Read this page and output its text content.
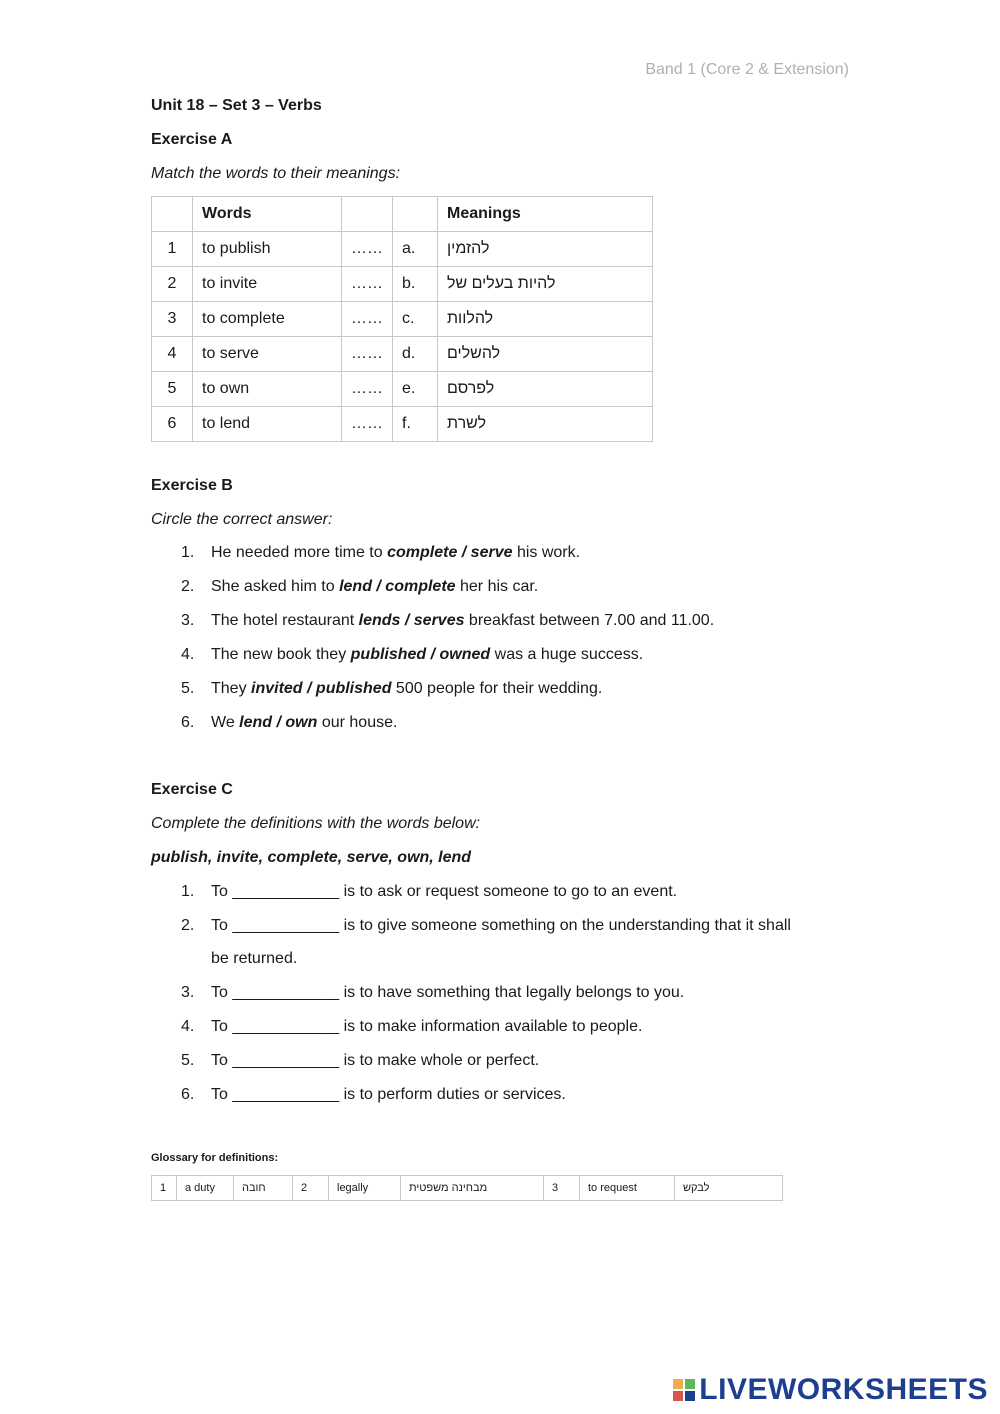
Band 1 (Core 2 & Extension)
Unit 18 – Set 3 – Verbs
Exercise A
Match the words to their meanings:
	Words			Meanings
1	to publish	……	a.	להזמין
2	to invite	……	b.	להיות בעלים של
3	to complete	……	c.	להלוות
4	to serve	……	d.	להשלים
5	to own	……	e.	לפרסם
6	to lend	……	f.	לשרת
Exercise B
Circle the correct answer:
1. He needed more time to complete / serve his work.
2. She asked him to lend / complete her his car.
3. The hotel restaurant lends / serves breakfast between 7.00 and 11.00.
4. The new book they published / owned was a huge success.
5. They invited / published 500 people for their wedding.
6. We lend / own our house.
Exercise C
Complete the definitions with the words below:
publish, invite, complete, serve, own, lend
1. To ____________ is to ask or request someone to go to an event.
2. To ____________ is to give someone something on the understanding that it shall
be returned.
3. To ____________ is to have something that legally belongs to you.
4. To ____________ is to make information available to people.
5. To ____________ is to make whole or perfect.
6. To ____________ is to perform duties or services.
Glossary for definitions:
1	a duty	חובה	2	legally	מבחינה משפטית	3	to request	לבקש
LIVEWORKSHEETS
